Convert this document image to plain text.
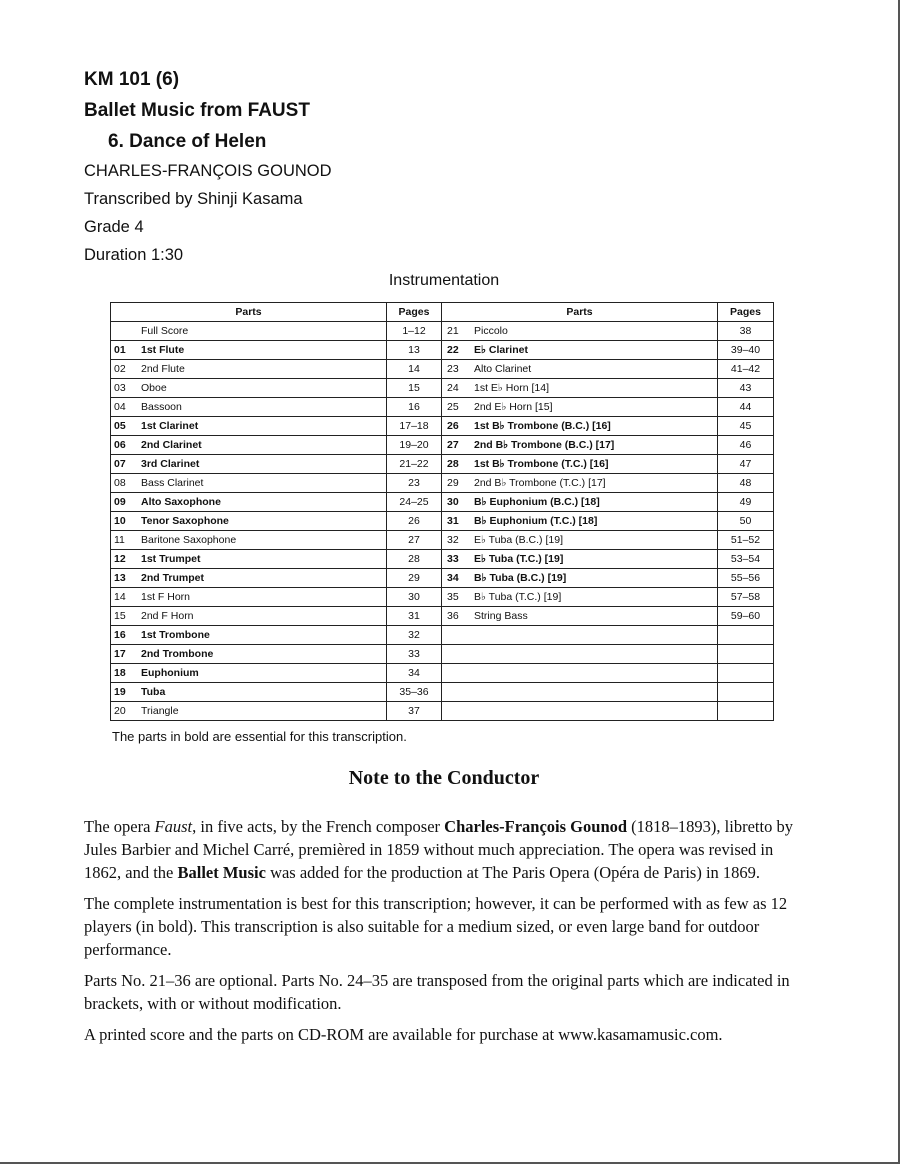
KM 101 (6)
Ballet Music from FAUST
6. Dance of Helen
CHARLES-FRANÇOIS GOUNOD
Transcribed by Shinji Kasama
Grade 4
Duration 1:30
Instrumentation
Parts	Pages	Parts	Pages
Full Score	1–12	21 Piccolo	38
01 1st Flute	13	22 E♭ Clarinet	39–40
02 2nd Flute	14	23 Alto Clarinet	41–42
03 Oboe	15	24 1st E♭ Horn [14]	43
04 Bassoon	16	25 2nd E♭ Horn [15]	44
05 1st Clarinet	17–18	26 1st B♭ Trombone (B.C.) [16]	45
06 2nd Clarinet	19–20	27 2nd B♭ Trombone (B.C.) [17]	46
07 3rd Clarinet	21–22	28 1st B♭ Trombone (T.C.) [16]	47
08 Bass Clarinet	23	29 2nd B♭ Trombone (T.C.) [17]	48
09 Alto Saxophone	24–25	30 B♭ Euphonium (B.C.) [18]	49
10 Tenor Saxophone	26	31 B♭ Euphonium (T.C.) [18]	50
11 Baritone Saxophone	27	32 E♭ Tuba (B.C.) [19]	51–52
12 1st Trumpet	28	33 E♭ Tuba (T.C.) [19]	53–54
13 2nd Trumpet	29	34 B♭ Tuba (B.C.) [19]	55–56
14 1st F Horn	30	35 B♭ Tuba (T.C.) [19]	57–58
15 2nd F Horn	31	36 String Bass	59–60
16 1st Trombone	32		
17 2nd Trombone	33		
18 Euphonium	34		
19 Tuba	35–36		
20 Triangle	37		
The parts in bold are essential for this transcription.
Note to the Conductor

The opera Faust, in five acts, by the French composer Charles-François Gounod (1818–1893), libretto by Jules Barbier and Michel Carré, premièred in 1859 without much appreciation. The opera was revised in 1862, and the Ballet Music was added for the production at The Paris Opera (Opéra de Paris) in 1869.

The complete instrumentation is best for this transcription; however, it can be performed with as few as 12 players (in bold). This transcription is also suitable for a medium sized, or even large band for outdoor performance.

Parts No. 21–36 are optional. Parts No. 24–35 are transposed from the original parts which are indicated in brackets, with or without modification.

A printed score and the parts on CD-ROM are available for purchase at www.kasamamusic.com.
